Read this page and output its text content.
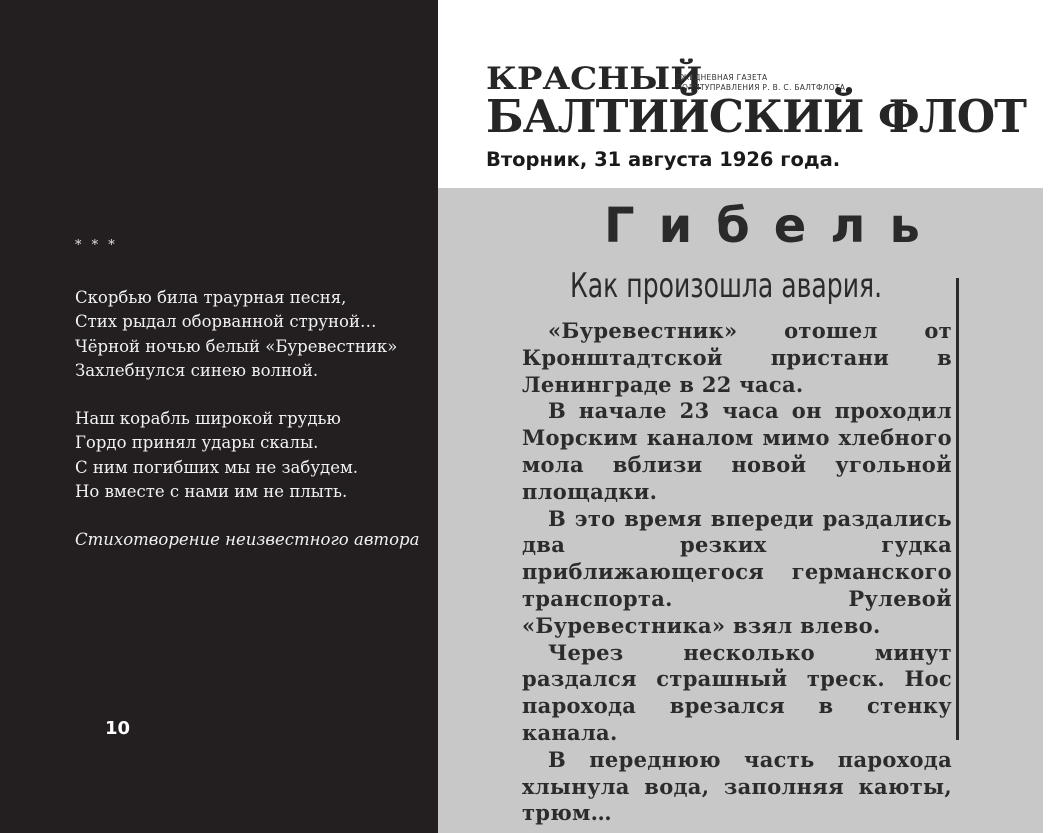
* * *
Скорбью била траурная песня,
Стих рыдал оборванной струной…
Чёрной ночью белый «Буревестник»
Захлебнулся синею волной.
Наш корабль широкой грудью
Гордо принял удары скалы.
С ним погибших мы не забудем.
Но вместе с нами им не плыть.
Стихотворение неизвестного автора
10
КРАСНЫЙ
ЕЖЕДНЕВНАЯ ГАЗЕТА
ПОЛИТУПРАВЛЕНИЯ Р. В. С. БАЛТФЛОТА
БАЛТИЙСКИЙ ФЛОТ
Вторник, 31 августа 1926 года.
Гибель
Как произошла авария.

«Буревестник» отошел от Кронштадтской пристани в Ленинграде в 22 часа.

В начале 23 часа он проходил Морским каналом мимо хлебного мола вблизи новой угольной площадки.

В это время впереди раздались два резких гудка приближающегося германского транспорта. Рулевой «Буревестника» взял влево.

Через несколько минут раздался страшный треск. Нос парохода врезался в стенку канала.

В переднюю часть парохода хлынула вода, заполняя каюты, трюм…
